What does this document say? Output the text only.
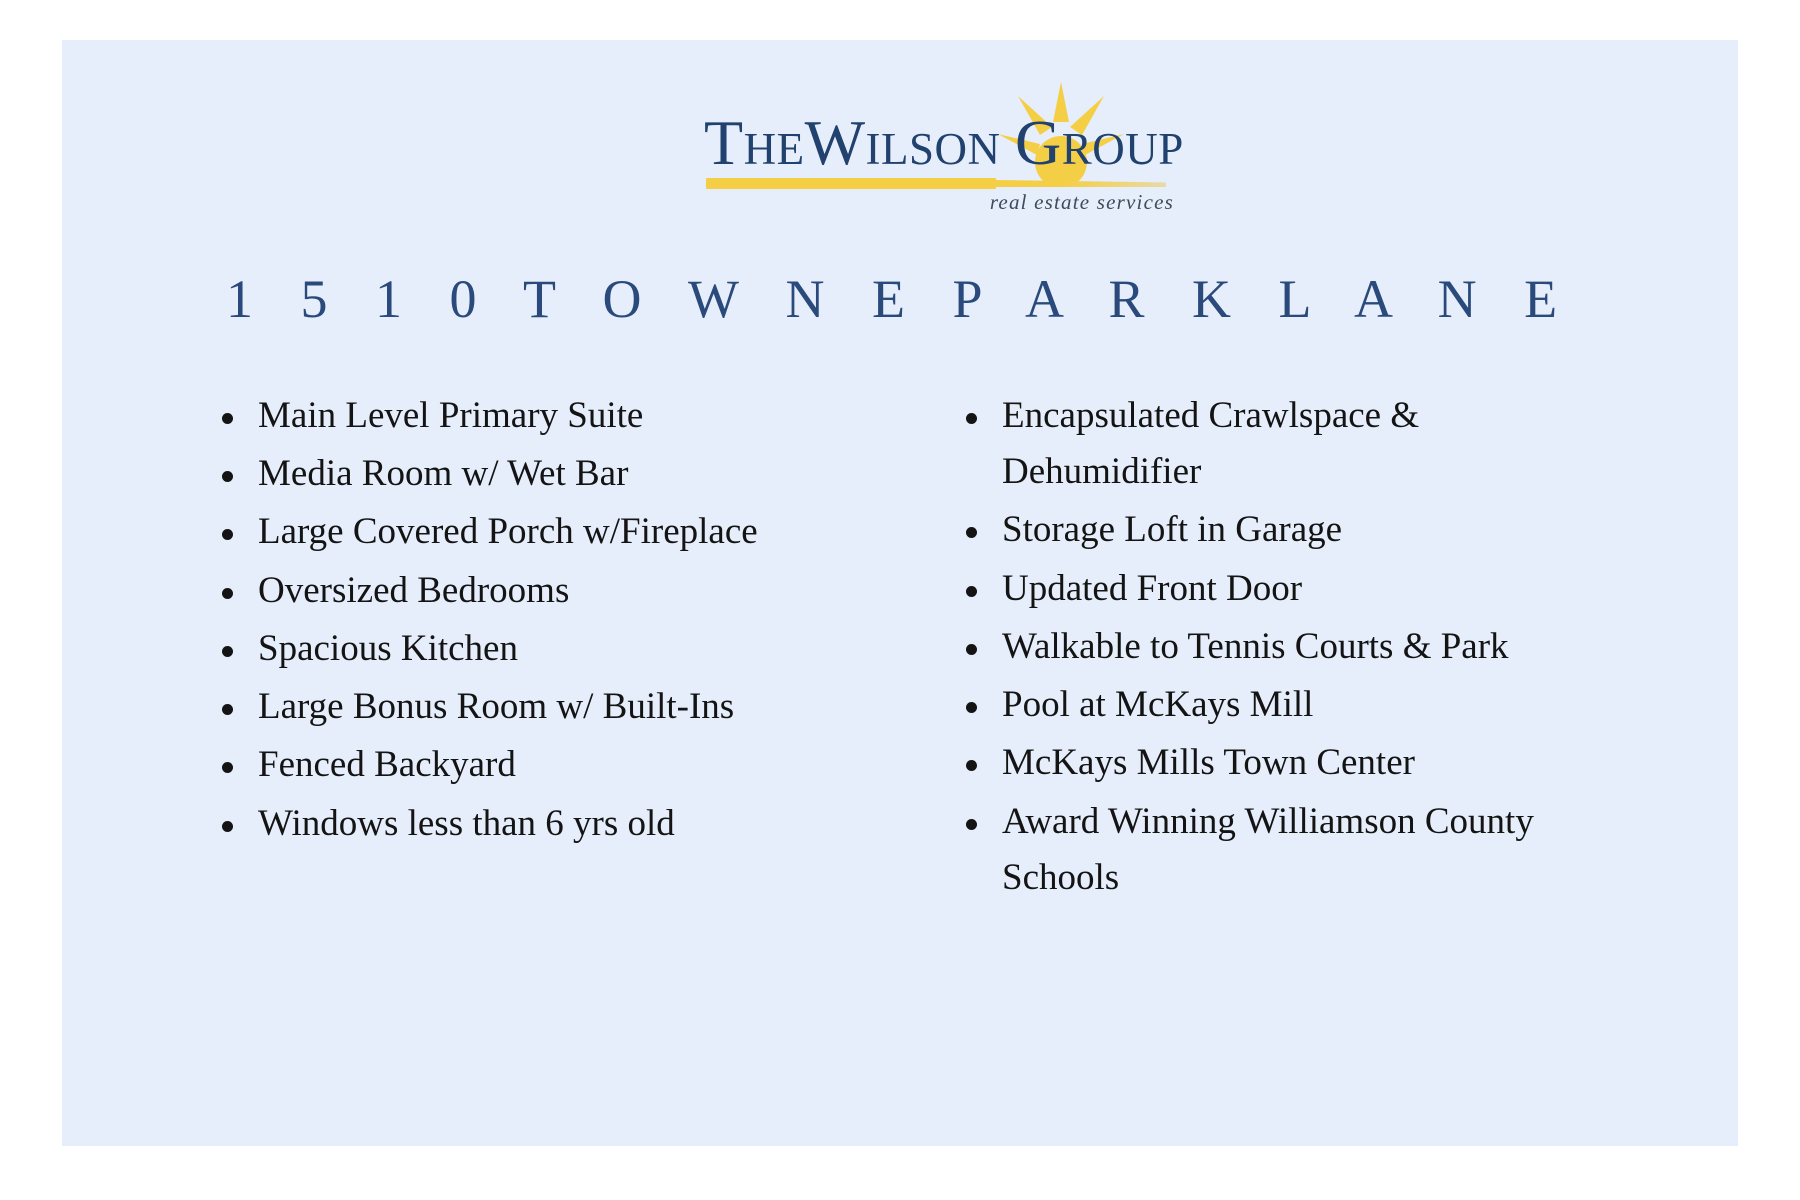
TheWilson Group
real estate services
1 5 1 0 T O W N E P A R K L A N E
Main Level Primary Suite
Media Room w/ Wet Bar
Large Covered Porch w/Fireplace
Oversized Bedrooms
Spacious Kitchen
Large Bonus Room w/ Built-Ins
Fenced Backyard
Windows less than 6 yrs old
Encapsulated Crawlspace & Dehumidifier
Storage Loft in Garage
Updated Front Door
Walkable to Tennis Courts & Park
Pool at McKays Mill
McKays Mills Town Center
Award Winning Williamson County Schools
